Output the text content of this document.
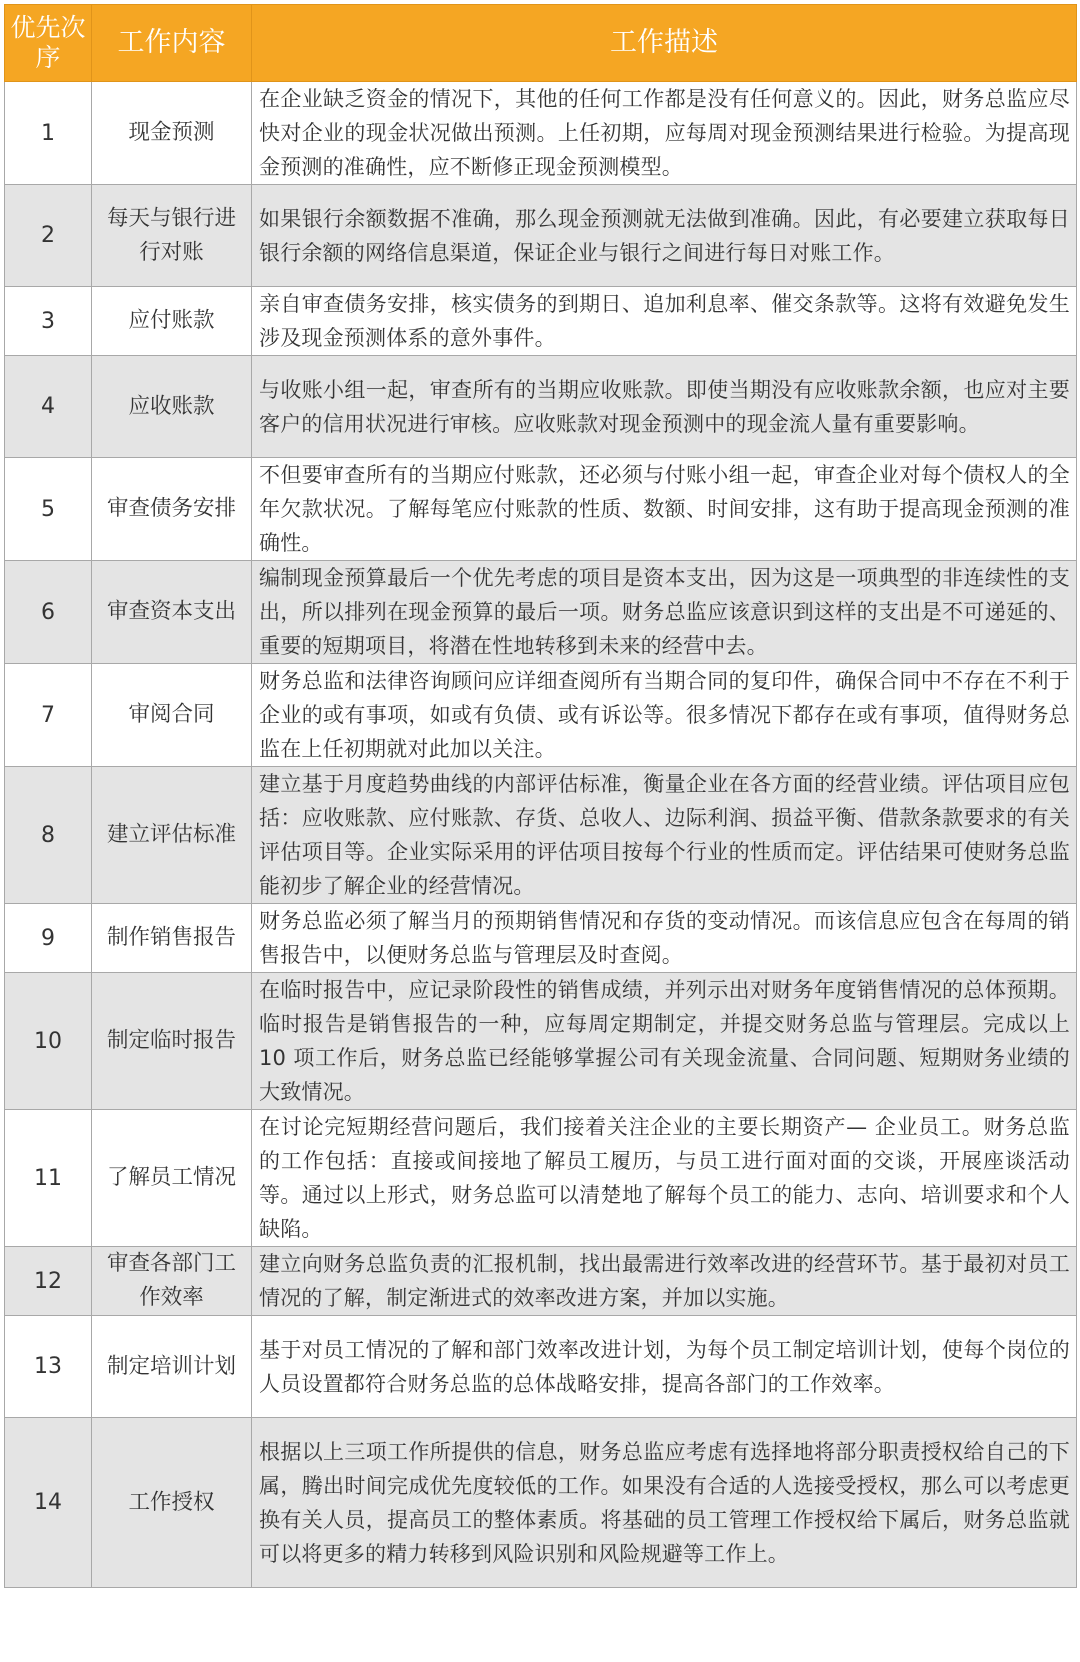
优先次序	工作内容	工作描述
1	现金预测	在企业缺乏资金的情况下，其他的任何工作都是没有任何意义的。因此，财务总监应尽快对企业的现金状况做出预测。上任初期，应每周对现金预测结果进行检验。为提高现金预测的准确性，应不断修正现金预测模型。
2	每天与银行进行对账	如果银行余额数据不准确，那么现金预测就无法做到准确。因此，有必要建立获取每日银行余额的网络信息渠道，保证企业与银行之间进行每日对账工作。
3	应付账款	亲自审查债务安排，核实债务的到期日、追加利息率、催交条款等。这将有效避免发生涉及现金预测体系的意外事件。
4	应收账款	与收账小组一起，审查所有的当期应收账款。即使当期没有应收账款余额，也应对主要客户的信用状况进行审核。应收账款对现金预测中的现金流人量有重要影响。
5	审查债务安排	不但要审查所有的当期应付账款，还必须与付账小组一起，审查企业对每个债权人的全年欠款状况。了解每笔应付账款的性质、数额、时间安排，这有助于提高现金预测的准确性。
6	审查资本支出	编制现金预算最后一个优先考虑的项目是资本支出，因为这是一项典型的非连续性的支出，所以排列在现金预算的最后一项。财务总监应该意识到这样的支出是不可递延的、重要的短期项目，将潜在性地转移到未来的经营中去。
7	审阅合同	财务总监和法律咨询顾问应详细查阅所有当期合同的复印件，确保合同中不存在不利于企业的或有事项，如或有负债、或有诉讼等。很多情况下都存在或有事项，值得财务总监在上任初期就对此加以关注。
8	建立评估标准	建立基于月度趋势曲线的内部评估标准，衡量企业在各方面的经营业绩。评估项目应包括：应收账款、应付账款、存货、总收人、边际利润、损益平衡、借款条款要求的有关评估项目等。企业实际采用的评估项目按每个行业的性质而定。评估结果可使财务总监能初步了解企业的经营情况。
9	制作销售报告	财务总监必须了解当月的预期销售情况和存货的变动情况。而该信息应包含在每周的销售报告中，以便财务总监与管理层及时查阅。
10	制定临时报告	在临时报告中，应记录阶段性的销售成绩，并列示出对财务年度销售情况的总体预期。临时报告是销售报告的一种，应每周定期制定，并提交财务总监与管理层。完成以上 10 项工作后，财务总监已经能够掌握公司有关现金流量、合同问题、短期财务业绩的大致情况。
11	了解员工情况	在讨论完短期经营问题后，我们接着关注企业的主要长期资产— 企业员工。财务总监的工作包括：直接或间接地了解员工履历，与员工进行面对面的交谈，开展座谈活动等。通过以上形式，财务总监可以清楚地了解每个员工的能力、志向、培训要求和个人缺陷。
12	审查各部门工作效率	建立向财务总监负责的汇报机制，找出最需进行效率改进的经营环节。基于最初对员工情况的了解，制定渐进式的效率改进方案，并加以实施。
13	制定培训计划	基于对员工情况的了解和部门效率改进计划，为每个员工制定培训计划，使每个岗位的人员设置都符合财务总监的总体战略安排，提高各部门的工作效率。
14	工作授权	根据以上三项工作所提供的信息，财务总监应考虑有选择地将部分职责授权给自己的下属，腾出时间完成优先度较低的工作。如果没有合适的人选接受授权，那么可以考虑更换有关人员，提高员工的整体素质。将基础的员工管理工作授权给下属后，财务总监就可以将更多的精力转移到风险识别和风险规避等工作上。
